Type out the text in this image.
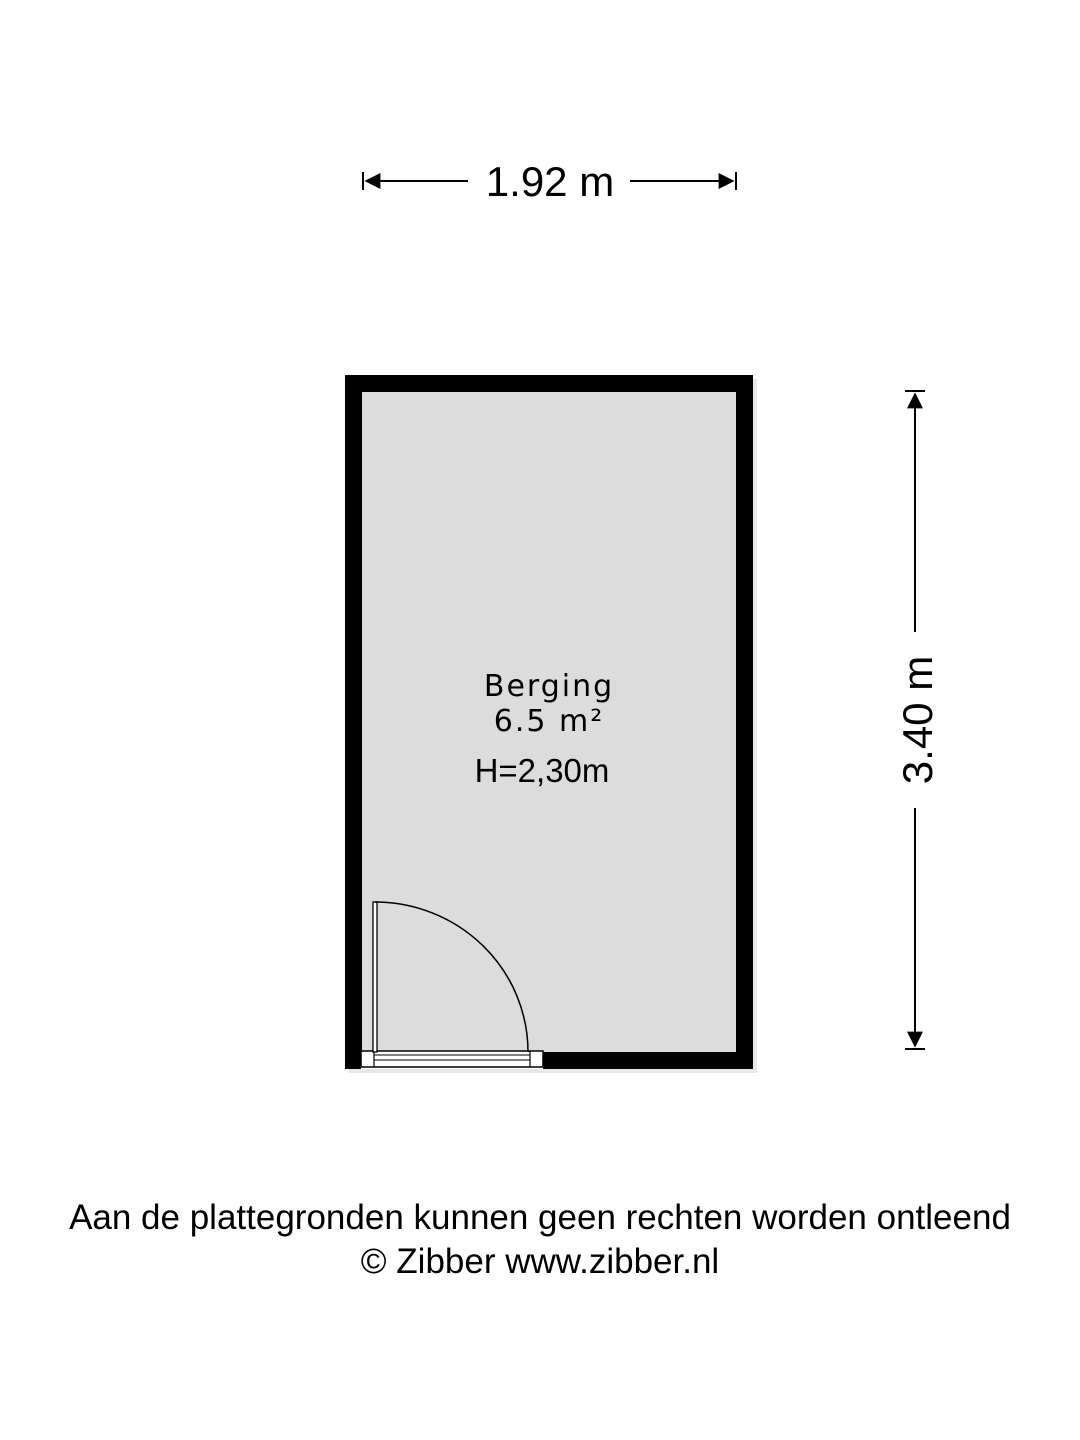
1.92 m
3.40 m
Berging
6.5 m²
H=2,30m
Aan de plattegronden kunnen geen rechten worden ontleend
© Zibber www.zibber.nl
